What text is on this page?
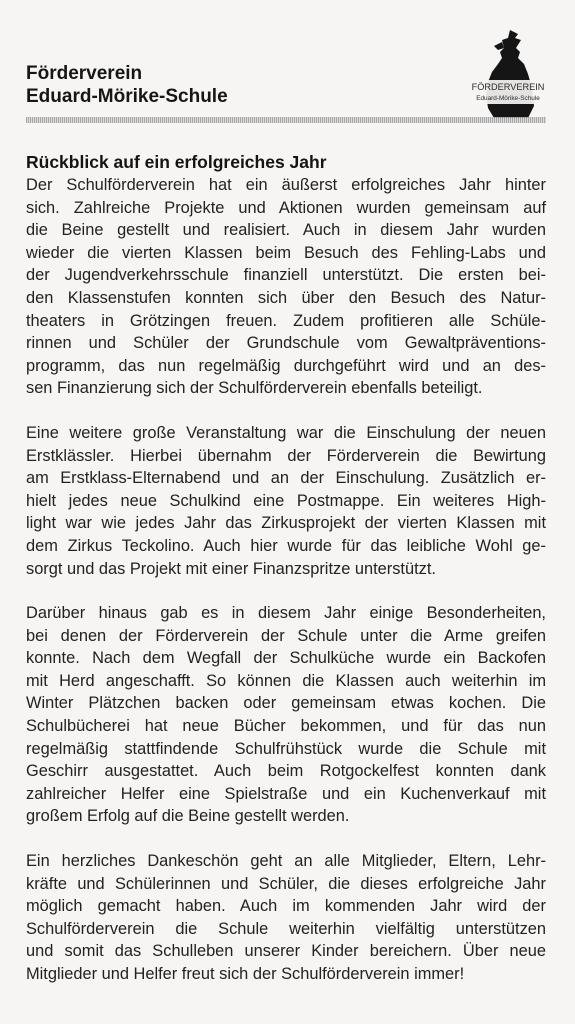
Förderverein
Eduard-Mörike-Schule	FÖRDERVEREIN
Eduard-Mörike-Schule
Rückblick auf ein erfolgreiches Jahr

Der Schulförderverein hat ein äußerst erfolgreiches Jahr hinter
sich. Zahlreiche Projekte und Aktionen wurden gemeinsam auf
die Beine gestellt und realisiert. Auch in diesem Jahr wurden
wieder die vierten Klassen beim Besuch des Fehling-Labs und
der Jugendverkehrsschule finanziell unterstützt. Die ersten bei-
den Klassenstufen konnten sich über den Besuch des Natur-
theaters in Grötzingen freuen. Zudem profitieren alle Schüle-
rinnen und Schüler der Grundschule vom Gewaltpräventions-
programm, das nun regelmäßig durchgeführt wird und an des-
sen Finanzierung sich der Schulförderverein ebenfalls beteiligt.

Eine weitere große Veranstaltung war die Einschulung der neuen
Erstklässler. Hierbei übernahm der Förderverein die Bewirtung
am Erstklass-Elternabend und an der Einschulung. Zusätzlich er-
hielt jedes neue Schulkind eine Postmappe. Ein weiteres High-
light war wie jedes Jahr das Zirkusprojekt der vierten Klassen mit
dem Zirkus Teckolino. Auch hier wurde für das leibliche Wohl ge-
sorgt und das Projekt mit einer Finanzspritze unterstützt.

Darüber hinaus gab es in diesem Jahr einige Besonderheiten,
bei denen der Förderverein der Schule unter die Arme greifen
konnte. Nach dem Wegfall der Schulküche wurde ein Backofen
mit Herd angeschafft. So können die Klassen auch weiterhin im
Winter Plätzchen backen oder gemeinsam etwas kochen. Die
Schulbücherei hat neue Bücher bekommen, und für das nun
regelmäßig stattfindende Schulfrühstück wurde die Schule mit
Geschirr ausgestattet. Auch beim Rotgockelfest konnten dank
zahlreicher Helfer eine Spielstraße und ein Kuchenverkauf mit
großem Erfolg auf die Beine gestellt werden.

Ein herzliches Dankeschön geht an alle Mitglieder, Eltern, Lehr-
kräfte und Schülerinnen und Schüler, die dieses erfolgreiche Jahr
möglich gemacht haben. Auch im kommenden Jahr wird der
Schulförderverein die Schule weiterhin vielfältig unterstützen
und somit das Schulleben unserer Kinder bereichern. Über neue
Mitglieder und Helfer freut sich der Schulförderverein immer!
